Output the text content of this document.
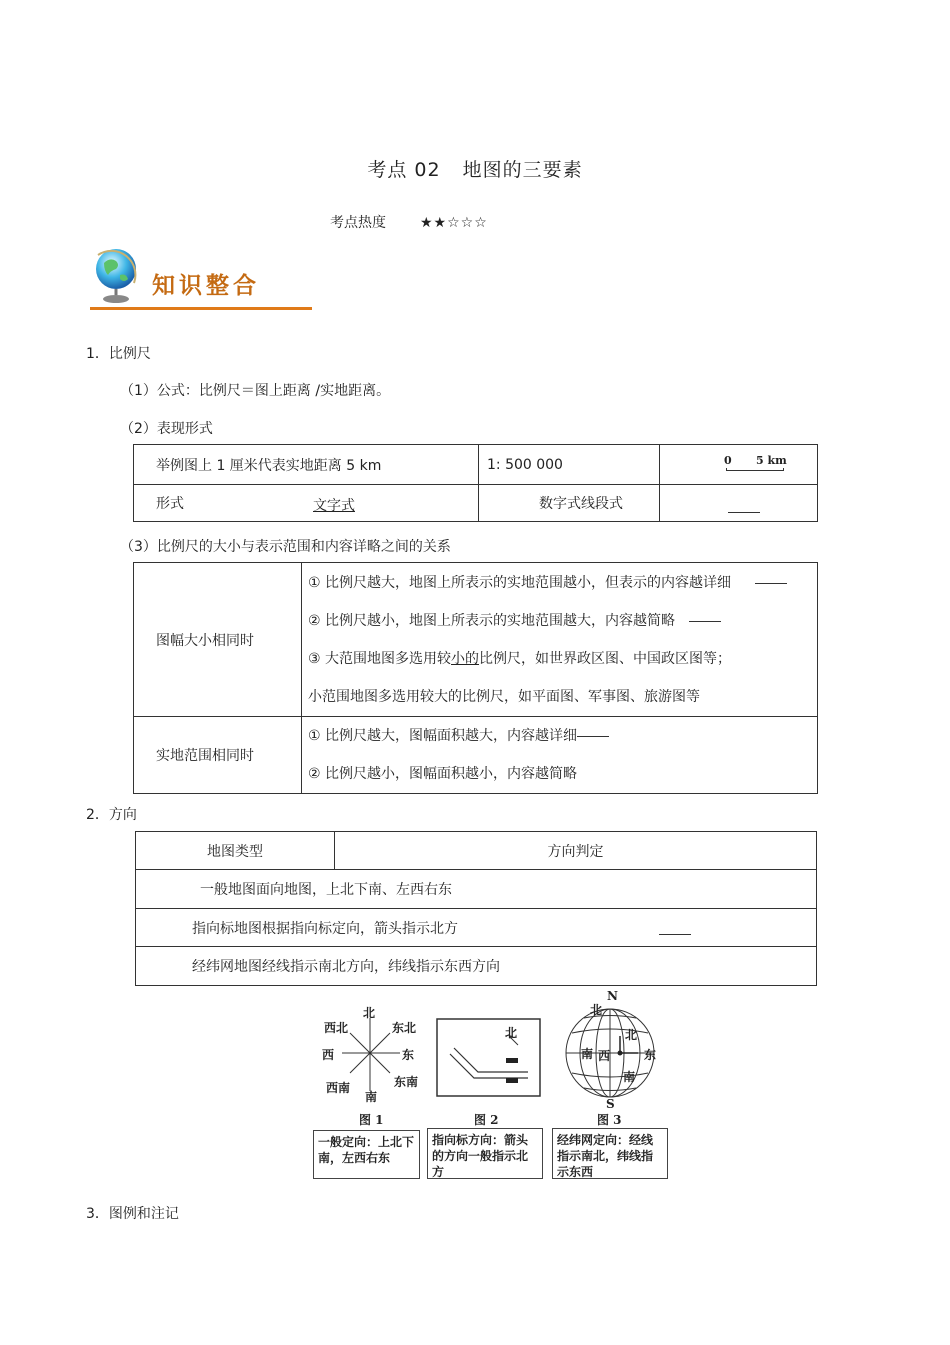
考点 02 地图的三要素
考点热度 ★★☆☆☆
知识整合
1．比例尺
（1）公式：比例尺＝图上距离 /实地距离。
（2）表现形式
举例图上 1 厘米代表实地距离 5 km	1: 500 000	0 5 km

形式 文字式	数字式线段式	
（3）比例尺的大小与表示范围和内容详略之间的关系
图幅大小相同时	① 比例尺越大，地图上所表示的实地范围越小，但表示的内容越详细
② 比例尺越小，地图上所表示的实地范围越大，内容越简略
③ 大范围地图多选用较小的比例尺，如世界政区图、中国政区图等；
小范围地图多选用较大的比例尺，如平面图、军事图、旅游图等

实地范围相同时	① 比例尺越大，图幅面积越大，内容越详细
② 比例尺越小，图幅面积越小，内容越简略
2．方向
地图类型	方向判定
一般地图面向地图，上北下南、左西右东
指向标地图根据指向标定向，箭头指示北方

经纬网地图经线指示南北方向，纬线指示东西方向
北
西北	东北
西	东
西南	东南
南
图 1
一般定向：上北下南，左西右东
北
图 2
指向标方向：箭头的方向一般指示北方
N
北
北
南 西	东
南
S
图 3
经纬网定向：经线指示南北，纬线指示东西
3．图例和注记
